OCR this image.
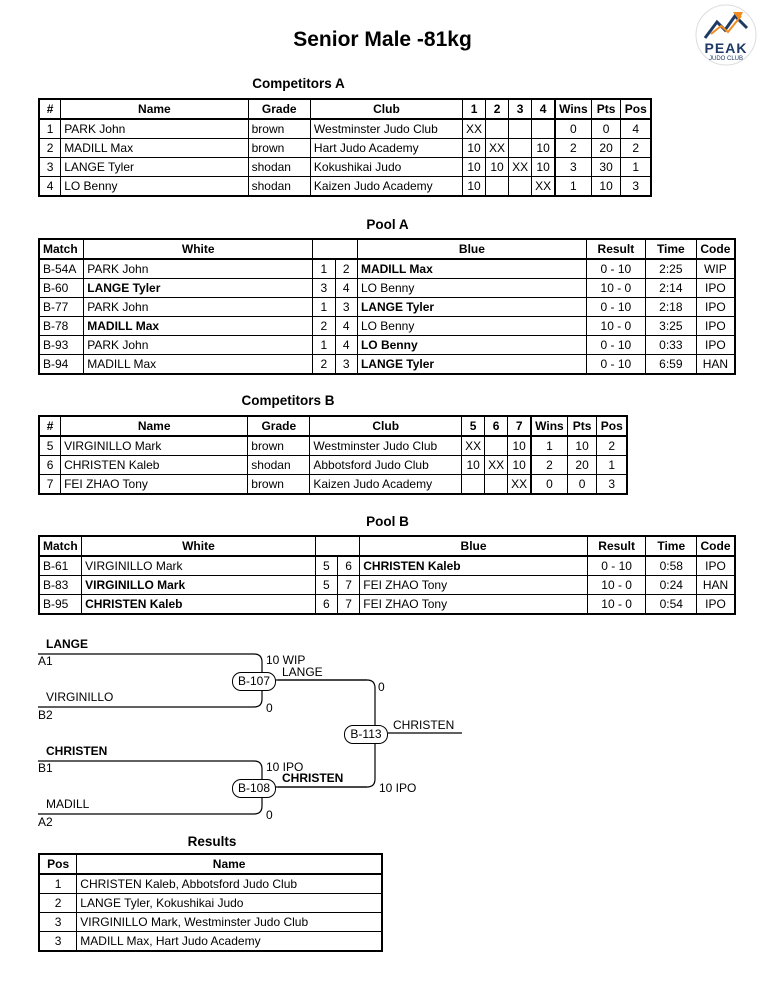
PEAK
JUDO CLUB
Senior Male -81kg
Competitors A
#	Name	Grade	Club	1	2	3	4	Wins	Pts	Pos
1	PARK John	brown	Westminster Judo Club	XX				0	0	4
2	MADILL Max	brown	Hart Judo Academy	10	XX		10	2	20	2
3	LANGE Tyler	shodan	Kokushikai Judo	10	10	XX	10	3	30	1
4	LO Benny	shodan	Kaizen Judo Academy	10			XX	1	10	3
Pool A
Match	White			Blue	Result	Time	Code
B-54A	PARK John	1	2	MADILL Max	0 - 10	2:25	WIP
B-60	LANGE Tyler	3	4	LO Benny	10 - 0	2:14	IPO
B-77	PARK John	1	3	LANGE Tyler	0 - 10	2:18	IPO
B-78	MADILL Max	2	4	LO Benny	10 - 0	3:25	IPO
B-93	PARK John	1	4	LO Benny	0 - 10	0:33	IPO
B-94	MADILL Max	2	3	LANGE Tyler	0 - 10	6:59	HAN
Competitors B
#	Name	Grade	Club	5	6	7	Wins	Pts	Pos
5	VIRGINILLO Mark	brown	Westminster Judo Club	XX		10	1	10	2
6	CHRISTEN Kaleb	shodan	Abbotsford Judo Club	10	XX	10	2	20	1
7	FEI ZHAO Tony	brown	Kaizen Judo Academy			XX	0	0	3
Pool B
Match	White			Blue	Result	Time	Code
B-61	VIRGINILLO Mark	5	6	CHRISTEN Kaleb	0 - 10	0:58	IPO
B-83	VIRGINILLO Mark	5	7	FEI ZHAO Tony	10 - 0	0:24	HAN
B-95	CHRISTEN Kaleb	6	7	FEI ZHAO Tony	10 - 0	0:54	IPO
LANGE
A1	10 WIP
LANGE
B-107
VIRGINILLO
B2	0
0
B-113
CHRISTEN
CHRISTEN
B1	10 IPO
CHRISTEN
B-108
MADILL
A2	0
10 IPO
Results
Pos	Name
1	CHRISTEN Kaleb, Abbotsford Judo Club
2	LANGE Tyler, Kokushikai Judo
3	VIRGINILLO Mark, Westminster Judo Club
3	MADILL Max, Hart Judo Academy
